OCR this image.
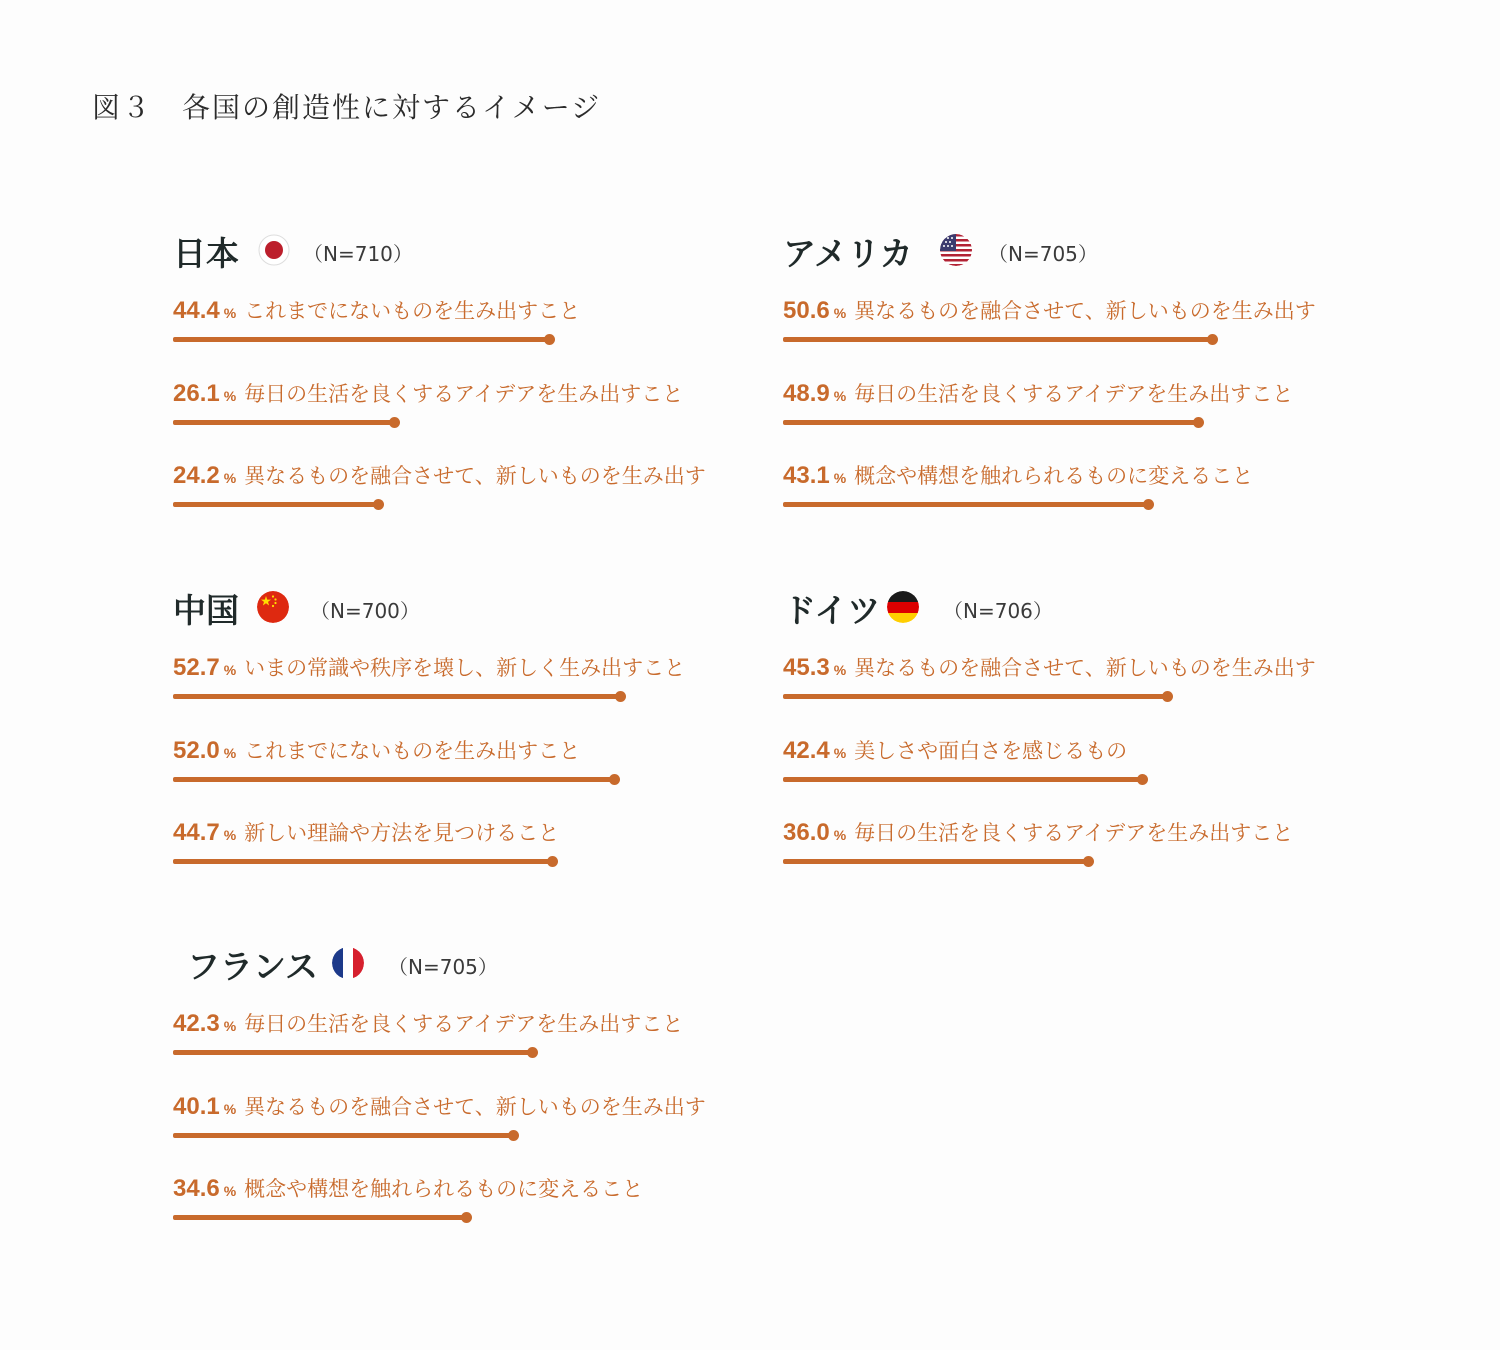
図３　各国の創造性に対するイメージ
日本	（N=710）
44.4 % これまでにないものを生み出すこと
26.1 % 毎日の生活を良くするアイデアを生み出すこと
24.2 % 異なるものを融合させて、新しいものを生み出す
アメリカ	（N=705）
50.6 % 異なるものを融合させて、新しいものを生み出す
48.9 % 毎日の生活を良くするアイデアを生み出すこと
43.1 % 概念や構想を触れられるものに変えること
中国	（N=700）
52.7 % いまの常識や秩序を壊し、新しく生み出すこと
52.0 % これまでにないものを生み出すこと
44.7 % 新しい理論や方法を見つけること
ドイツ	（N=706）
45.3 % 異なるものを融合させて、新しいものを生み出す
42.4 % 美しさや面白さを感じるもの
36.0 % 毎日の生活を良くするアイデアを生み出すこと
フランス	（N=705）
42.3 % 毎日の生活を良くするアイデアを生み出すこと
40.1 % 異なるものを融合させて、新しいものを生み出す
34.6 % 概念や構想を触れられるものに変えること
